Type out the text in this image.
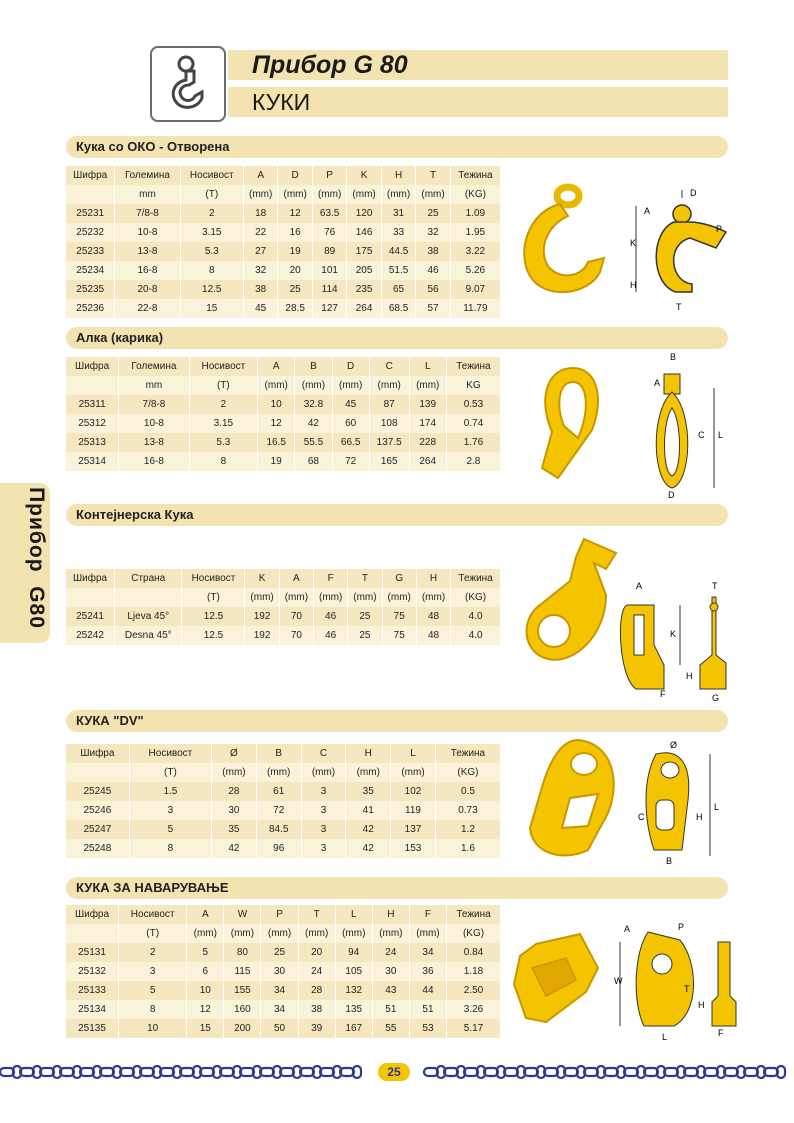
Прибор G 80
КУКИ
Прибор  G80
Кука со ОКО - Отворена
Шифра	Големина	Носивост	A	D	P	K	H	T	Тежина
	mm	(T)	(mm)	(mm)	(mm)	(mm)	(mm)	(mm)	(KG)
25231	7/8-8	2	18	12	63.5	120	31	25	1.09
25232	10-8	3.15	22	16	76	146	33	32	1.95
25233	13-8	5.3	27	19	89	175	44.5	38	3.22
25234	16-8	8	32	20	101	205	51.5	46	5.26
25235	20-8	12.5	38	25	114	235	65	56	9.07
25236	22-8	15	45	28.5	127	264	68.5	57	11.79
A
D
K
P
H
T
Алка (карика)
Шифра	Големина	Носивост	A	B	D	C	L	Тежина
	mm	(T)	(mm)	(mm)	(mm)	(mm)	(mm)	KG
25311	7/8-8	2	10	32.8	45	87	139	0.53
25312	10-8	3.15	12	42	60	108	174	0.74
25313	13-8	5.3	16.5	55.5	66.5	137.5	228	1.76
25314	16-8	8	19	68	72	165	264	2.8
B
A
C L
D
Контејнерска Кука
Шифра	Страна	Носивост	K	A	F	T	G	H	Тежина
		(T)	(mm)	(mm)	(mm)	(mm)	(mm)	(mm)	(KG)
25241	Ljeva 45°	12.5	192	70	46	25	75	48	4.0
25242	Desna 45°	12.5	192	70	46	25	75	48	4.0
A
K
H
F
T
G
КУКА "DV"
Шифра	Носивост	Ø	B	C	H	L	Тежина
	(T)	(mm)	(mm)	(mm)	(mm)	(mm)	(KG)
25245	1.5	28	61	3	35	102	0.5
25246	3	30	72	3	41	119	0.73
25247	5	35	84.5	3	42	137	1.2
25248	8	42	96	3	42	153	1.6
Ø
C	H
B
L
КУКА ЗА НАВАРУВАЊЕ
Шифра	Носивост	A	W	P	T	L	H	F	Тежина
	(T)	(mm)	(mm)	(mm)	(mm)	(mm)	(mm)	(mm)	(KG)
25131	2	5	80	25	20	94	24	34	0.84
25132	3	6	115	30	24	105	30	36	1.18
25133	5	10	155	34	28	132	43	44	2.50
25134	8	12	160	34	38	135	51	51	3.26
25135	10	15	200	50	39	167	55	53	5.17
A	P
W
T
H
L	F
25
